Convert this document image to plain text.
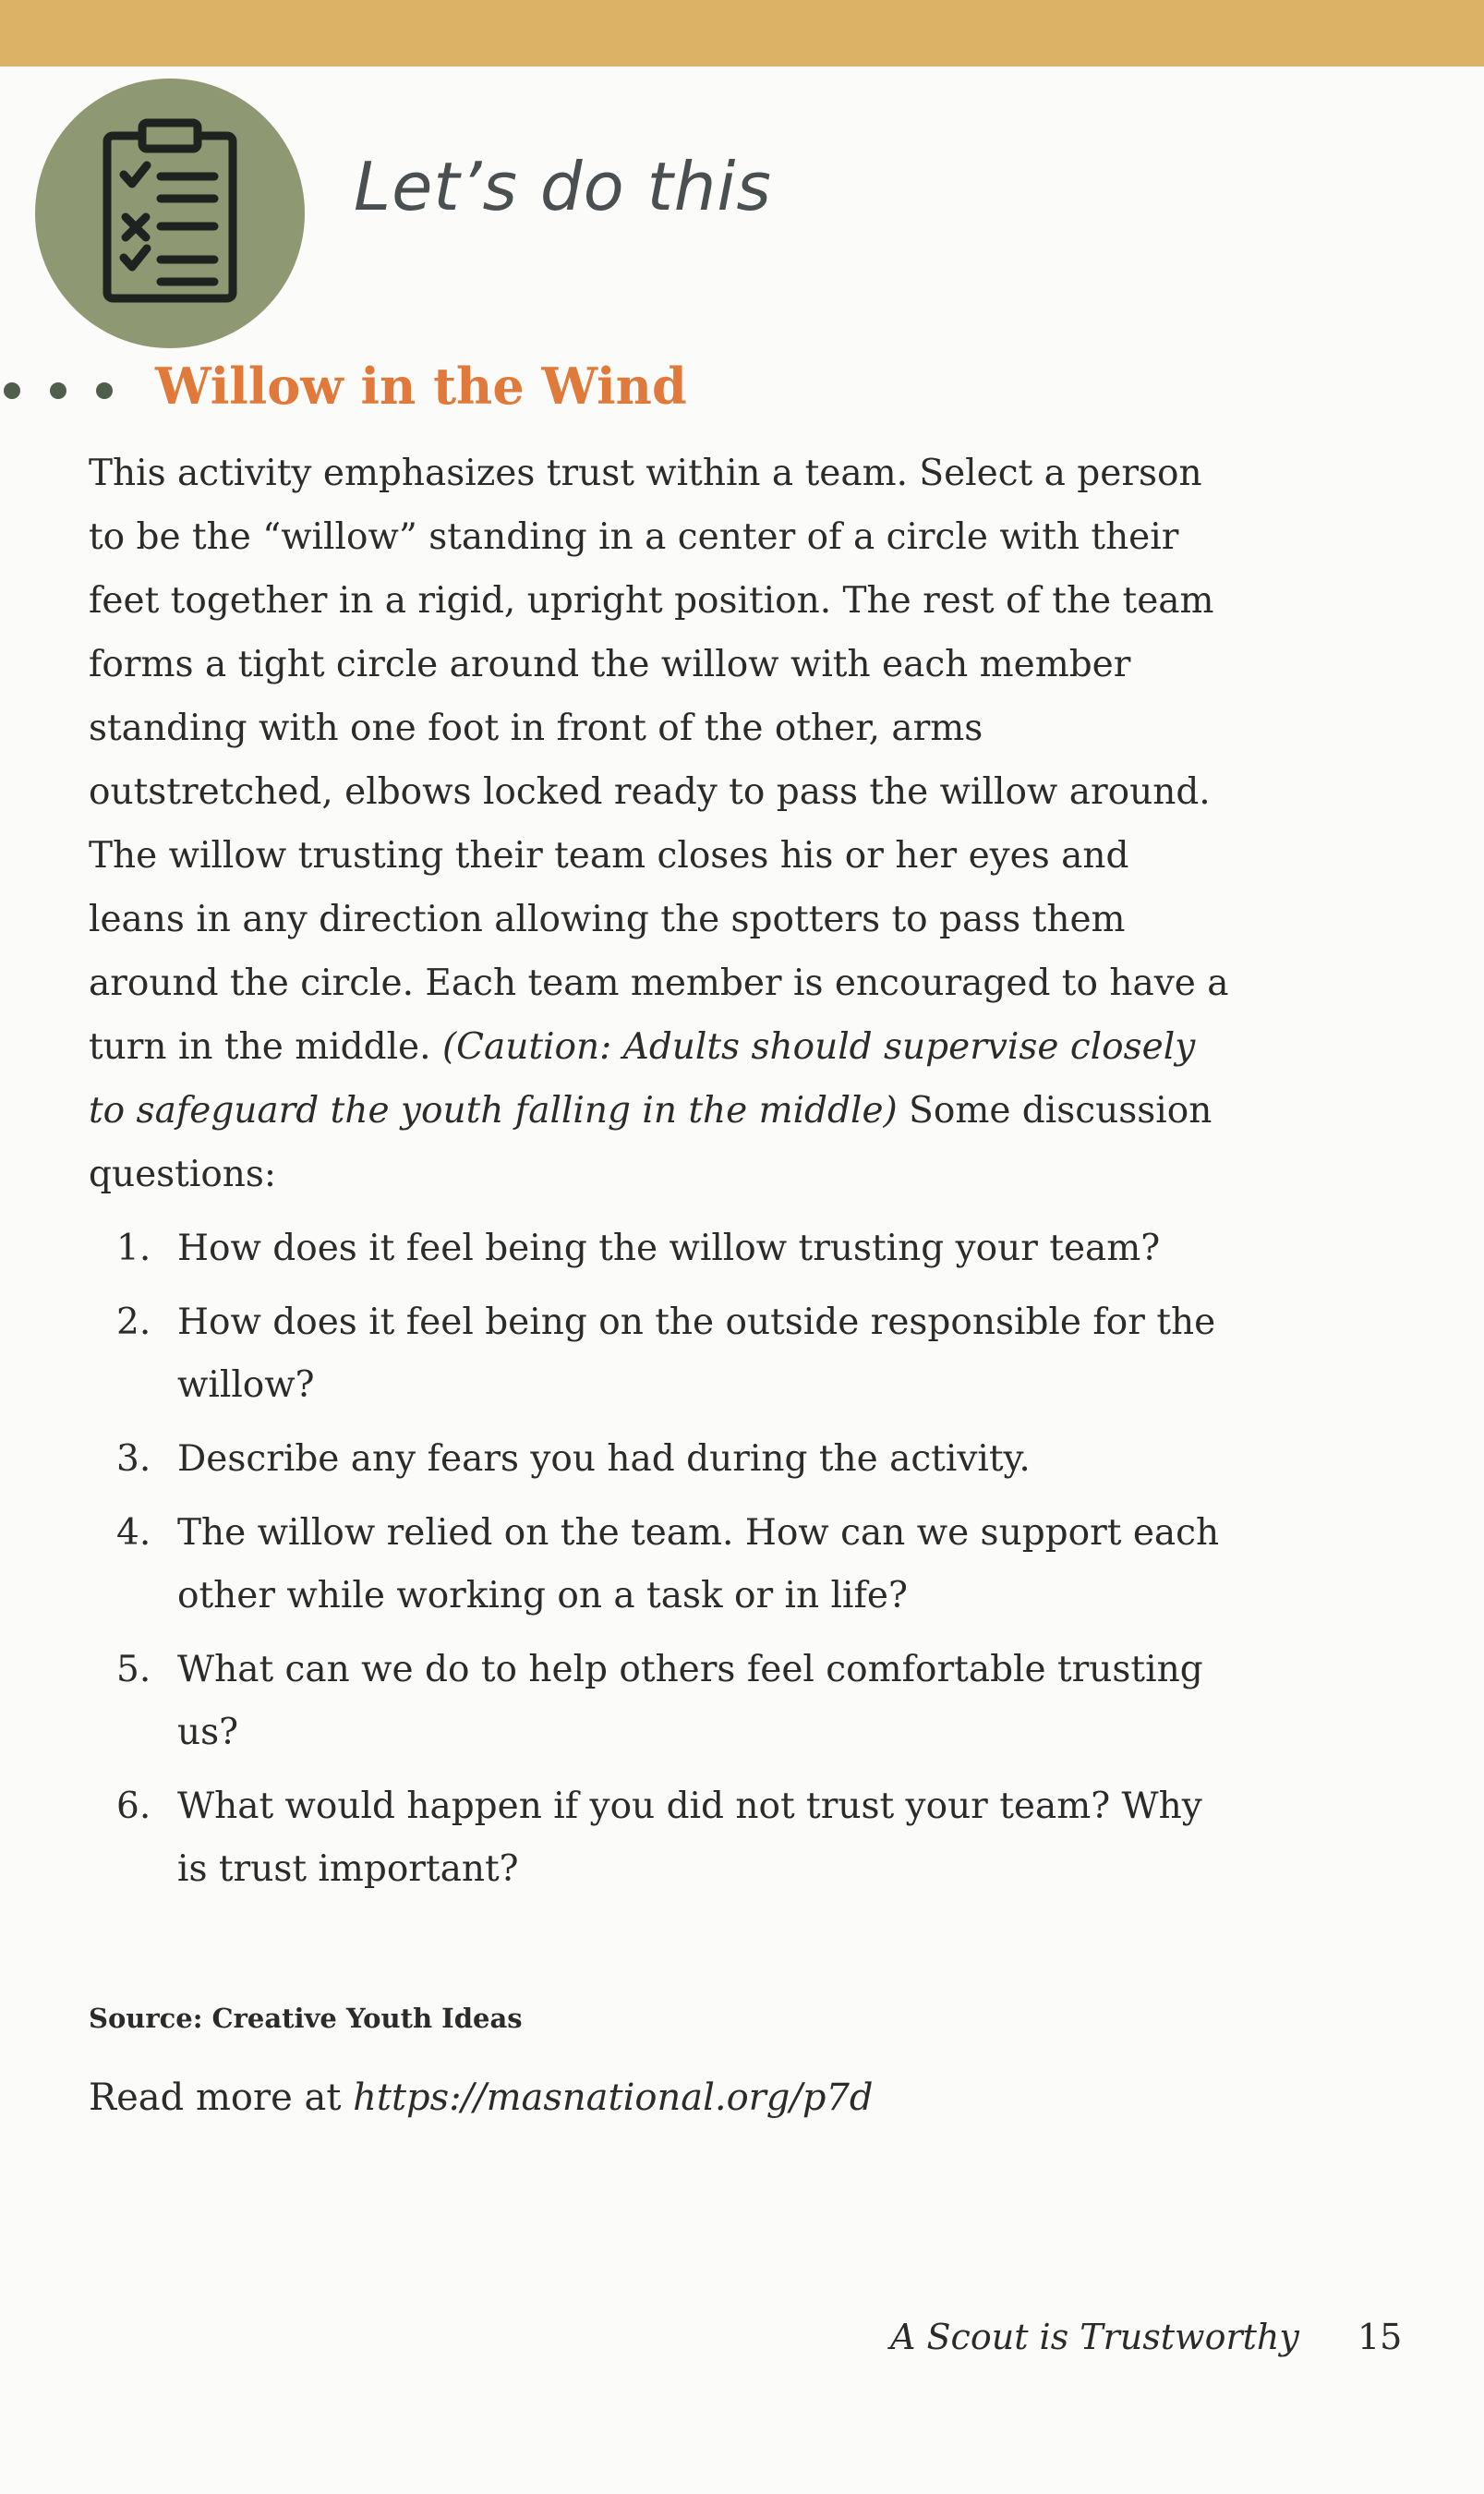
Let’s do this
Willow in the Wind
This activity emphasizes trust within a team. Select a person to be the “willow” standing in a center of a circle with their feet together in a rigid, upright position. The rest of the team forms a tight circle around the willow with each member standing with one foot in front of the other, arms outstretched, elbows locked ready to pass the willow around. The willow trusting their team closes his or her eyes and leans in any direction allowing the spotters to pass them around the circle. Each team member is encouraged to have a turn in the middle. (Caution: Adults should supervise closely to safeguard the youth falling in the middle) Some discussion questions:
1. How does it feel being the willow trusting your team?
2. How does it feel being on the outside responsible for the willow?
3. Describe any fears you had during the activity.
4. The willow relied on the team. How can we support each other while working on a task or in life?
5. What can we do to help others feel comfortable trusting us?
6. What would happen if you did not trust your team? Why is trust important?
Source: Creative Youth Ideas
Read more at https://masnational.org/p7d
A Scout is Trustworthy 15
